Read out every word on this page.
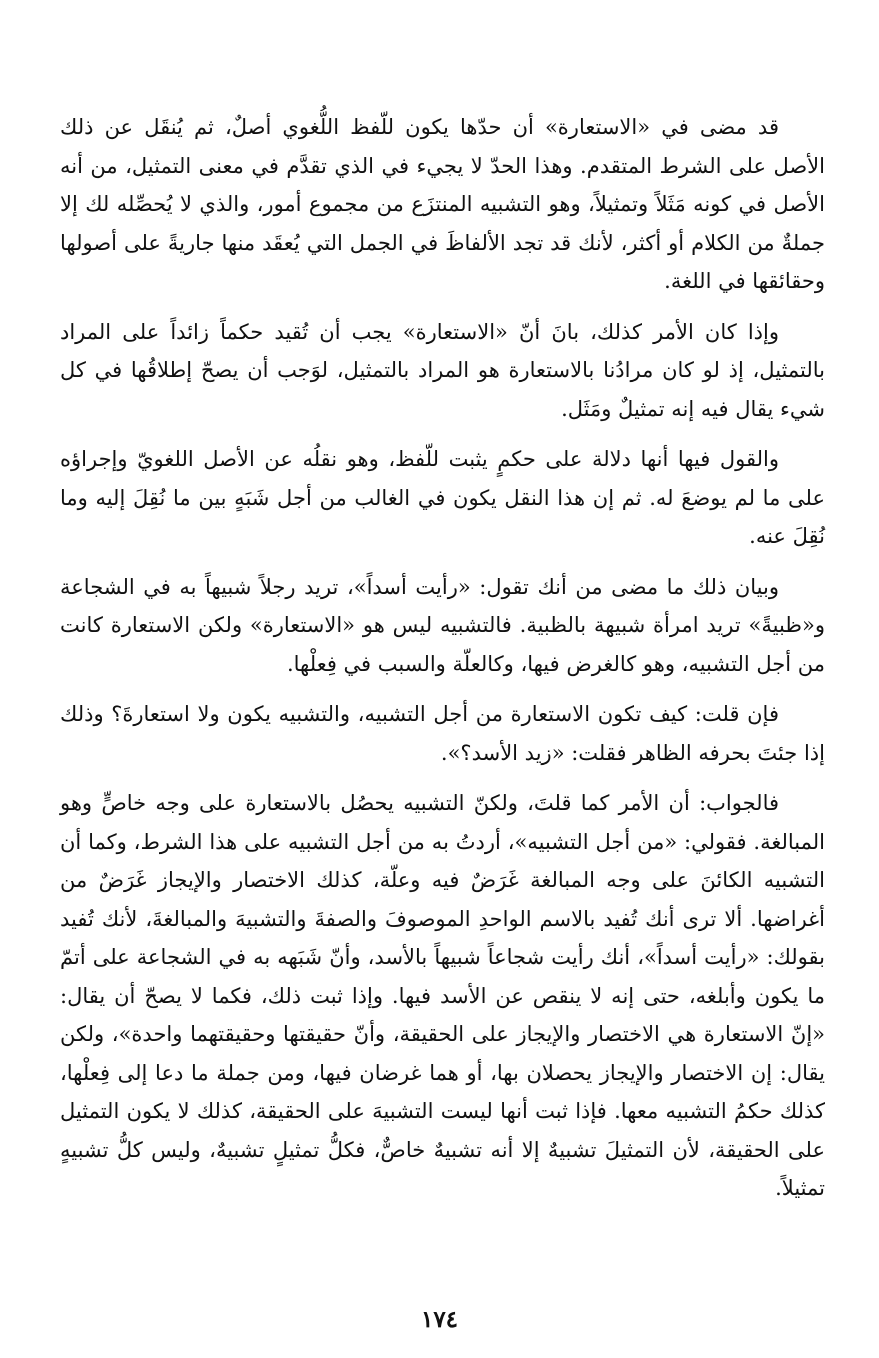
قد مضى في «الاستعارة» أن حدّها يكون للّفظ اللُّغوي أصلٌ، ثم يُنقَل عن ذلك الأصل على الشرط المتقدم. وهذا الحدّ لا يجيء في الذي تقدَّم في معنى التمثيل، من أنه الأصل في كونه مَثَلاً وتمثيلاً، وهو التشبيه المنتزَع من مجموع أمور، والذي لا يُحصِّله لك إلا جملةٌ من الكلام أو أكثر، لأنك قد تجد الألفاظَ في الجمل التي يُعقَد منها جاريةً على أصولها وحقائقها في اللغة.

وإذا كان الأمر كذلك، بانَ أنّ «الاستعارة» يجب أن تُقيد حكماً زائداً على المراد بالتمثيل، إذ لو كان مرادُنا بالاستعارة هو المراد بالتمثيل، لوَجب أن يصحّ إطلاقُها في كل شيء يقال فيه إنه تمثيلٌ ومَثَل.

والقول فيها أنها دلالة على حكمٍ يثبت للّفظ، وهو نقلُه عن الأصل اللغويّ وإجراؤه على ما لم يوضعَ له. ثم إن هذا النقل يكون في الغالب من أجل شَبَهٍ بين ما نُقِلَ إليه وما نُقِلَ عنه.

وبيان ذلك ما مضى من أنك تقول: «رأيت أسداً»، تريد رجلاً شبيهاً به في الشجاعة و«ظبيةً» تريد امرأة شبيهة بالظبية. فالتشبيه ليس هو «الاستعارة» ولكن الاستعارة كانت من أجل التشبيه، وهو كالغرض فيها، وكالعلّة والسبب في فِعلْها.

فإن قلت: كيف تكون الاستعارة من أجل التشبيه، والتشبيه يكون ولا استعارةَ؟ وذلك إذا جئتَ بحرفه الظاهر فقلت: «زيد الأسد؟».

فالجواب: أن الأمر كما قلتَ، ولكنّ التشبيه يحصُل بالاستعارة على وجه خاصٍّ وهو المبالغة. فقولي: «من أجل التشبيه»، أردتُ به من أجل التشبيه على هذا الشرط، وكما أن التشبيه الكائنَ على وجه المبالغة غَرَضٌ فيه وعلّة، كذلك الاختصار والإيجاز غَرَضٌ من أغراضها. ألا ترى أنك تُفيد بالاسم الواحدِ الموصوفَ والصفةَ والتشبيهَ والمبالغةَ، لأنك تُفيد بقولك: «رأيت أسداً»، أنك رأيت شجاعاً شبيهاً بالأسد، وأنّ شَبَهه به في الشجاعة على أتمّ ما يكون وأبلغه، حتى إنه لا ينقص عن الأسد فيها. وإذا ثبت ذلك، فكما لا يصحّ أن يقال: «إنّ الاستعارة هي الاختصار والإيجاز على الحقيقة، وأنّ حقيقتها وحقيقتهما واحدة»، ولكن يقال: إن الاختصار والإيجاز يحصلان بها، أو هما غرضان فيها، ومن جملة ما دعا إلى فِعلْها، كذلك حكمُ التشبيه معها. فإذا ثبت أنها ليست التشبيهَ على الحقيقة، كذلك لا يكون التمثيل على الحقيقة، لأن التمثيلَ تشبيهٌ إلا أنه تشبيهٌ خاصٌّ، فكلُّ تمثيلٍ تشبيهٌ، وليس كلُّ تشبيهٍ تمثيلاً.

١٧٤
